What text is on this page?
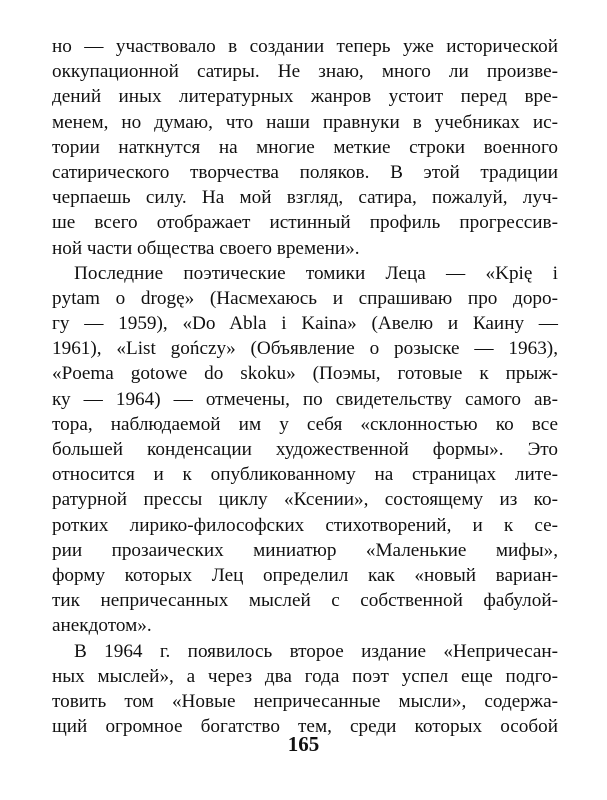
но — участвовало в создании теперь уже исторической
оккупационной сатиры. Не знаю, много ли произве-
дений иных литературных жанров устоит перед вре-
менем, но думаю, что наши правнуки в учебниках ис-
тории наткнутся на многие меткие строки военного
сатирического творчества поляков. В этой традиции
черпаешь силу. На мой взгляд, сатира, пожалуй, луч-
ше всего отображает истинный профиль прогрессив-
ной части общества своего времени».
Последние поэтические томики Леца — «Kpię i
pytam o drogę» (Насмехаюсь и спрашиваю про доро-
гу — 1959), «Do Abla i Kaina» (Авелю и Каину —
1961), «List gończy» (Объявление о розыске — 1963),
«Poema gotowe do skoku» (Поэмы, готовые к прыж-
ку — 1964) — отмечены, по свидетельству самого ав-
тора, наблюдаемой им у себя «склонностью ко все
большей конденсации художественной формы». Это
относится и к опубликованному на страницах лите-
ратурной прессы циклу «Ксении», состоящему из ко-
ротких лирико-философских стихотворений, и к се-
рии прозаических миниатюр «Маленькие мифы»,
форму которых Лец определил как «новый вариан-
тик непричесанных мыслей с собственной фабулой-
анекдотом».
В 1964 г. появилось второе издание «Непричесан-
ных мыслей», а через два года поэт успел еще подго-
товить том «Новые непричесанные мысли», содержа-
щий огромное богатство тем, среди которых особой
165
